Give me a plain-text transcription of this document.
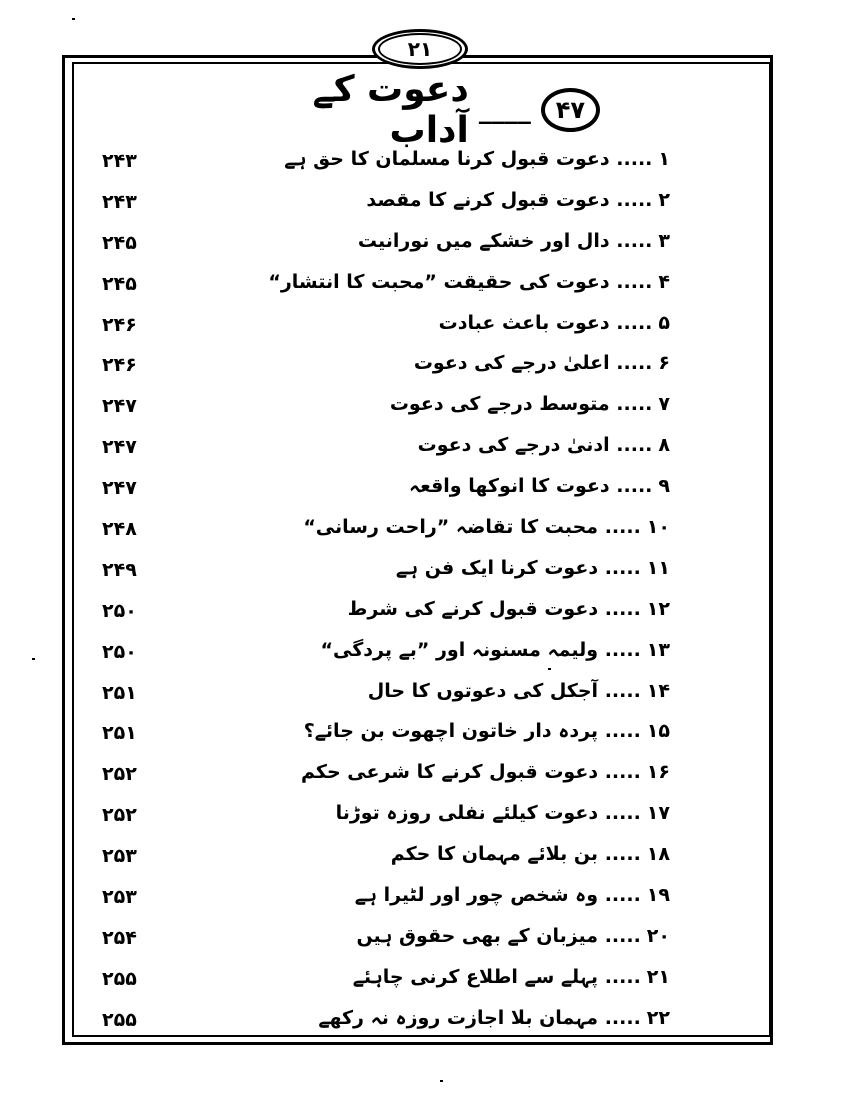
۲۱
۴۷
____
دعوت کے آداب
۱..... دعوت قبول کرنا مسلمان کا حق ہے
۲۴۳
۲..... دعوت قبول کرنے کا مقصد
۲۴۳
۳..... دال اور خشکے میں نورانیت
۲۴۵
۴..... دعوت کی حقیقت ”محبت کا انتشار“
۲۴۵
۵..... دعوت باعث عبادت
۲۴۶
۶..... اعلیٰ درجے کی دعوت
۲۴۶
۷..... متوسط درجے کی دعوت
۲۴۷
۸..... ادنیٰ درجے کی دعوت
۲۴۷
۹..... دعوت کا انوکھا واقعہ
۲۴۷
۱۰..... محبت کا تقاضہ ”راحت رسانی“
۲۴۸
۱۱..... دعوت کرنا ایک فن ہے
۲۴۹
۱۲..... دعوت قبول کرنے کی شرط
۲۵۰
۱۳..... ولیمہ مسنونہ اور ”بے پردگی“
۲۵۰
۱۴..... آجکل کی دعوتوں کا حال
۲۵۱
۱۵..... پردہ دار خاتون اچھوت بن جائے؟
۲۵۱
۱۶..... دعوت قبول کرنے کا شرعی حکم
۲۵۲
۱۷..... دعوت کیلئے نفلی روزہ توڑنا
۲۵۲
۱۸..... بن بلائے مہمان کا حکم
۲۵۳
۱۹..... وہ شخص چور اور لٹیرا ہے
۲۵۳
۲۰..... میزبان کے بھی حقوق ہیں
۲۵۴
۲۱..... پہلے سے اطلاع کرنی چاہئے
۲۵۵
۲۲..... مہمان بلا اجازت روزہ نہ رکھے
۲۵۵
